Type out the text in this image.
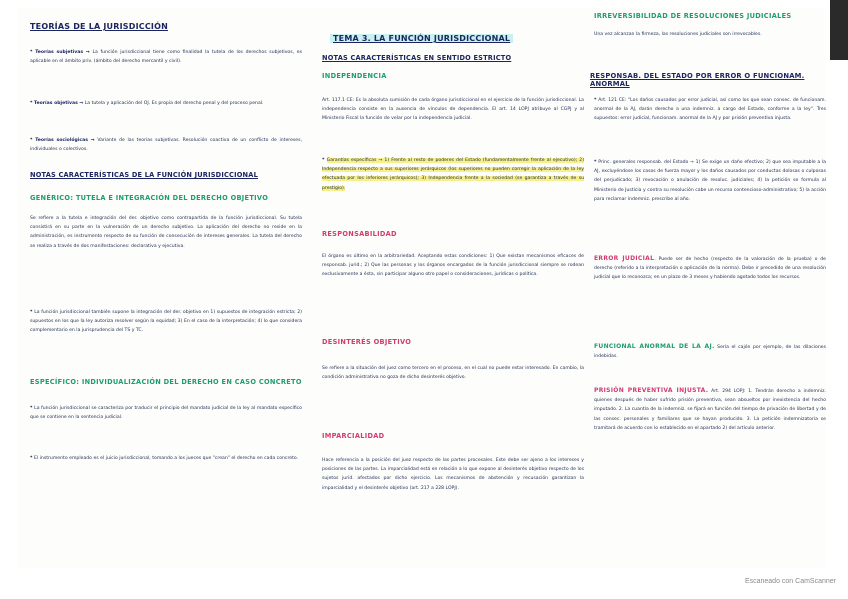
TEORÍAS DE LA JURISDICCIÓN

* Teorías subjetivas → La función jurisdiccional tiene como finalidad la tutela de los derechos subjetivos, es aplicable en el ámbito priv. (ámbito del derecho mercantil y civil).

* Teorías objetivas → La tutela y aplicación del OJ. Es propia del derecho penal y del proceso penal.

* Teorías sociológicas → Variante de las teorías subjetivas. Resolución coactiva de un conflicto de intereses, individuales o colectivos.

NOTAS CARACTERÍSTICAS DE LA FUNCIÓN JURISDICCIONAL

GENÉRICO: TUTELA E INTEGRACIÓN DEL DERECHO OBJETIVO

Se refiere a la tutela e integración del der. objetivo como contrapartida de la función jurisdiccional. Su tutela consistirá en su parte en la vulneración de un derecho subjetivo. La aplicación del derecho no reside en la administración, es instrumento respecto de su función de consecución de intereses generales. La tutela del derecho se realiza a través de dos manifestaciones: declarativa y ejecutiva.

* La función jurisdiccional también supone la integración del der. objetivo en 1) supuestos de integración estricta; 2) supuestos en los que la ley autoriza resolver según la equidad; 3) En el caso de la interpretación; 4) lo que considera complementario en la jurisprudencia del TS y TC.

ESPECÍFICO: INDIVIDUALIZACIÓN DEL DERECHO EN CASO CONCRETO

* La función jurisdiccional se caracteriza por traducir el principio del mandato judicial de la ley al mandato específico que se contiene en la sentencia judicial.

* El instrumento empleado es el juicio jurisdiccional, tomando a los jueces que "crean" el derecho en cada concreto.

TEMA 3. LA FUNCIÓN JURISDICCIONAL

NOTAS CARACTERÍSTICAS EN SENTIDO ESTRICTO

INDEPENDENCIA

Art. 117.1 CE: Es la absoluta sumisión de cada órgano jurisdiccional en el ejercicio de la función jurisdiccional. La independencia consiste en la ausencia de vínculos de dependencia. El art. 14 LOPJ atribuye al CGPJ y al Ministerio Fiscal la función de velar por la independencia judicial.

* Garantías específicas → 1) Frente al resto de poderes del Estado (fundamentalmente frente al ejecutivo); 2) Independencia respecto a sus superiores jerárquicos (los superiores no pueden corregir la aplicación de la ley efectuada por los inferiores jerárquicos); 3) Independencia frente a la sociedad (se garantiza a través de su prestigio).

RESPONSABILIDAD

El órgano es último en la arbitrariedad. Aceptando estas condiciones: 1) Que existan mecanismos eficaces de responsab. jurid.; 2) Que las personas y los órganos encargados de la función jurisdiccional siempre se rodean exclusivamente a ésta, sin participar alguno otro papel o consideraciones, jurídicas o política.

DESINTERÉS OBJETIVO

Se refiere a la situación del juez como tercero en el proceso, en el cual no puede estar interesado. En cambio, la condición administrativa no goza de dicho desinterés objetivo.

IMPARCIALIDAD

Hace referencia a la posición del juez respecto de las partes procesales. Este debe ser ajeno a los intereses y posiciones de las partes. La imparcialidad está en relación a lo que expone al desinterés objetivo respecto de los sujetos jurid. afectados por dicho ejercicio. Los mecanismos de abstención y recusación garantizan la imparcialidad y el desinterés objetivo (art. 217 a 228 LOPJ).

IRREVERSIBILIDAD DE RESOLUCIONES JUDICIALES

Una vez alcanzan la firmeza, las resoluciones judiciales son irrevocables.

RESPONSAB. DEL ESTADO POR ERROR O FUNCIONAM. ANORMAL

* Art. 121 CE: "Los daños causados por error judicial, así como los que sean consec. de funcionam. anormal de la AJ, darán derecho a una indemniz. a cargo del Estado, conforme a la ley". Tres supuestos: error judicial, funcionam. anormal de la AJ y por prisión preventiva injusta.

* Princ. generales responsab. del Estado → 1) Se exige un daño efectivo; 2) que sea imputable a la AJ, excluyéndose los casos de fuerza mayor y los daños causados por conductas dolosas o culposas del perjudicado; 3) revocación o anulación de resoluc. judiciales; 4) la petición se formula al Ministerio de Justicia y contra su resolución cabe un recurso contencioso-administrativo; 5) la acción para reclamar indemniz. prescribe al año.

ERROR JUDICIAL. Puede ser de hecho (respecto de la valoración de la prueba) o de derecho (referido a la interpretación o aplicación de la norma). Debe ir precedido de una resolución judicial que lo reconozca; en un plazo de 3 meses y habiendo agotado todos los recursos.

FUNCIONAL ANORMAL DE LA AJ. Sería el cajón por ejemplo, de las dilaciones indebidas.

PRISIÓN PREVENTIVA INJUSTA. Art. 294 LOPJ: 1. Tendrán derecho a indemniz. quienes después de haber sufrido prisión preventiva, sean absueltos por inexistencia del hecho imputado. 2. La cuantía de la indemniz. se fijará en función del tiempo de privación de libertad y de las consec. personales y familiares que se hayan producido. 3. La petición indemnizatoria se tramitará de acuerdo con lo establecido en el apartado 2) del artículo anterior.

Escaneado con CamScanner
